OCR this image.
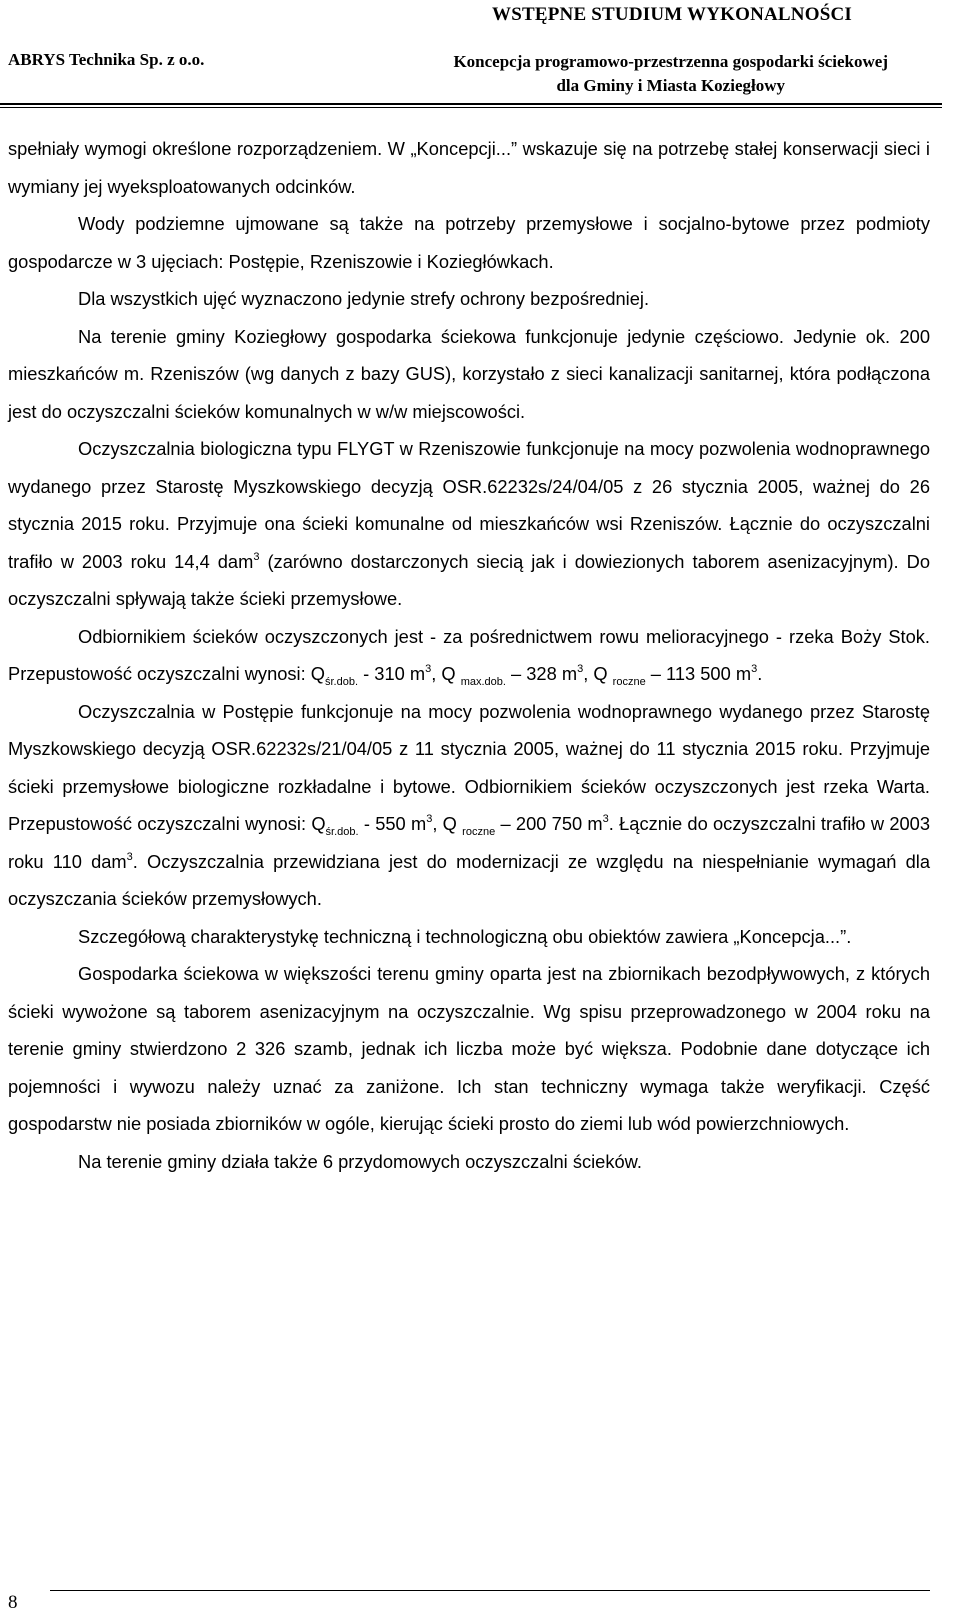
WSTĘPNE STUDIUM WYKONALNOŚCI
ABRYS Technika Sp. z o.o.	Koncepcja programowo-przestrzenna gospodarki ściekowej
dla Gminy i Miasta Koziegłowy

spełniały wymogi określone rozporządzeniem. W „Koncepcji...” wskazuje się na potrzebę stałej konserwacji sieci i wymiany jej wyeksploatowanych odcinków.

Wody podziemne ujmowane są także na potrzeby przemysłowe i socjalno-bytowe przez podmioty gospodarcze w 3 ujęciach: Postępie, Rzeniszowie i Koziegłówkach.

Dla wszystkich ujęć wyznaczono jedynie strefy ochrony bezpośredniej.

Na terenie gminy Koziegłowy gospodarka ściekowa funkcjonuje jedynie częściowo. Jedynie ok. 200 mieszkańców m. Rzeniszów (wg danych z bazy GUS), korzystało z sieci kanalizacji sanitarnej, która podłączona jest do oczyszczalni ścieków komunalnych w w/w miejscowości.

Oczyszczalnia biologiczna typu FLYGT w Rzeniszowie funkcjonuje na mocy pozwolenia wodnoprawnego wydanego przez Starostę Myszkowskiego decyzją OSR.62232s/24/04/05 z 26 stycznia 2005, ważnej do 26 stycznia 2015 roku. Przyjmuje ona ścieki komunalne od mieszkańców wsi Rzeniszów. Łącznie do oczyszczalni trafiło w 2003 roku 14,4 dam$^3$ (zarówno dostarczonych siecią jak i dowiezionych taborem asenizacyjnym). Do oczyszczalni spływają także ścieki przemysłowe.

Odbiornikiem ścieków oczyszczonych jest - za pośrednictwem rowu melioracyjnego - rzeka Boży Stok. Przepustowość oczyszczalni wynosi: $Q_{śr.dob.} - 310$ $m^3$, Q $_{max.dob.}$ – 328 $m^3$, Q $_{roczne}$ – 113 500 $m^3$.

Oczyszczalnia w Postępie funkcjonuje na mocy pozwolenia wodnoprawnego wydanego przez Starostę Myszkowskiego decyzją OSR.62232s/21/04/05 z 11 stycznia 2005, ważnej do 11 stycznia 2015 roku. Przyjmuje ścieki przemysłowe biologiczne rozkładalne i bytowe. Odbiornikiem ścieków oczyszczonych jest rzeka Warta. Przepustowość oczyszczalni wynosi: $Q_{śr.dob.} - 550$ $m^3$, Q $_{roczne}$ – 200 750 $m^3$. Łącznie do oczyszczalni trafiło w 2003 roku 110 dam$^3$. Oczyszczalnia przewidziana jest do modernizacji ze względu na niespełnianie wymagań dla oczyszczania ścieków przemysłowych.

Szczegółową charakterystykę techniczną i technologiczną obu obiektów zawiera „Koncepcja...”.

Gospodarka ściekowa w większości terenu gminy oparta jest na zbiornikach bezodpływowych, z których ścieki wywożone są taborem asenizacyjnym na oczyszczalnie. Wg spisu przeprowadzonego w 2004 roku na terenie gminy stwierdzono 2 326 szamb, jednak ich liczba może być większa. Podobnie dane dotyczące ich pojemności i wywozu należy uznać za zaniżone. Ich stan techniczny wymaga także weryfikacji. Część gospodarstw nie posiada zbiorników w ogóle, kierując ścieki prosto do ziemi lub wód powierzchniowych.

Na terenie gminy działa także 6 przydomowych oczyszczalni ścieków.

8
